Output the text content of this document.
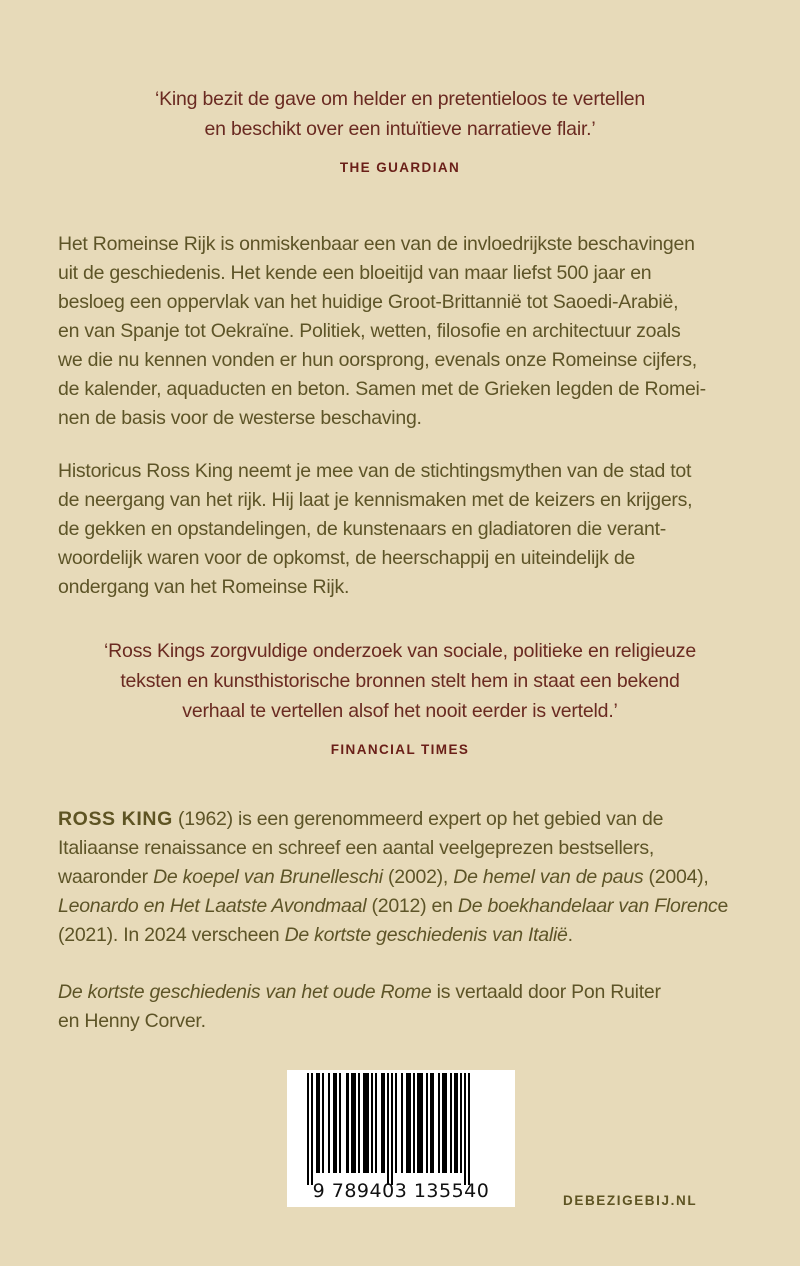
‘King bezit de gave om helder en pretentieloos te vertellen
en beschikt over een intuïtieve narratieve flair.’
THE GUARDIAN
Het Romeinse Rijk is onmiskenbaar een van de invloedrijkste beschavingen
uit de geschiedenis. Het kende een bloeitijd van maar liefst 500 jaar en
besloeg een oppervlak van het huidige Groot-Brittannië tot Saoedi-Arabië,
en van Spanje tot Oekraïne. Politiek, wetten, filosofie en architectuur zoals
we die nu kennen vonden er hun oorsprong, evenals onze Romeinse cijfers,
de kalender, aquaducten en beton. Samen met de Grieken legden de Romei-
nen de basis voor de westerse beschaving.
Historicus Ross King neemt je mee van de stichtingsmythen van de stad tot
de neergang van het rijk. Hij laat je kennismaken met de keizers en krijgers,
de gekken en opstandelingen, de kunstenaars en gladiatoren die verant-
woordelijk waren voor de opkomst, de heerschappij en uiteindelijk de
ondergang van het Romeinse Rijk.
‘Ross Kings zorgvuldige onderzoek van sociale, politieke en religieuze
teksten en kunsthistorische bronnen stelt hem in staat een bekend
verhaal te vertellen alsof het nooit eerder is verteld.’
FINANCIAL TIMES
ROSS KING (1962) is een gerenommeerd expert op het gebied van de
Italiaanse renaissance en schreef een aantal veelgeprezen bestsellers,
waaronder De koepel van Brunelleschi (2002), De hemel van de paus (2004),
Leonardo en Het Laatste Avondmaal (2012) en De boekhandelaar van Florence
(2021). In 2024 verscheen De kortste geschiedenis van Italië.
De kortste geschiedenis van het oude Rome is vertaald door Pon Ruiter
en Henny Corver.
9 789403 135540	DEBEZIGEBIJ.NL
